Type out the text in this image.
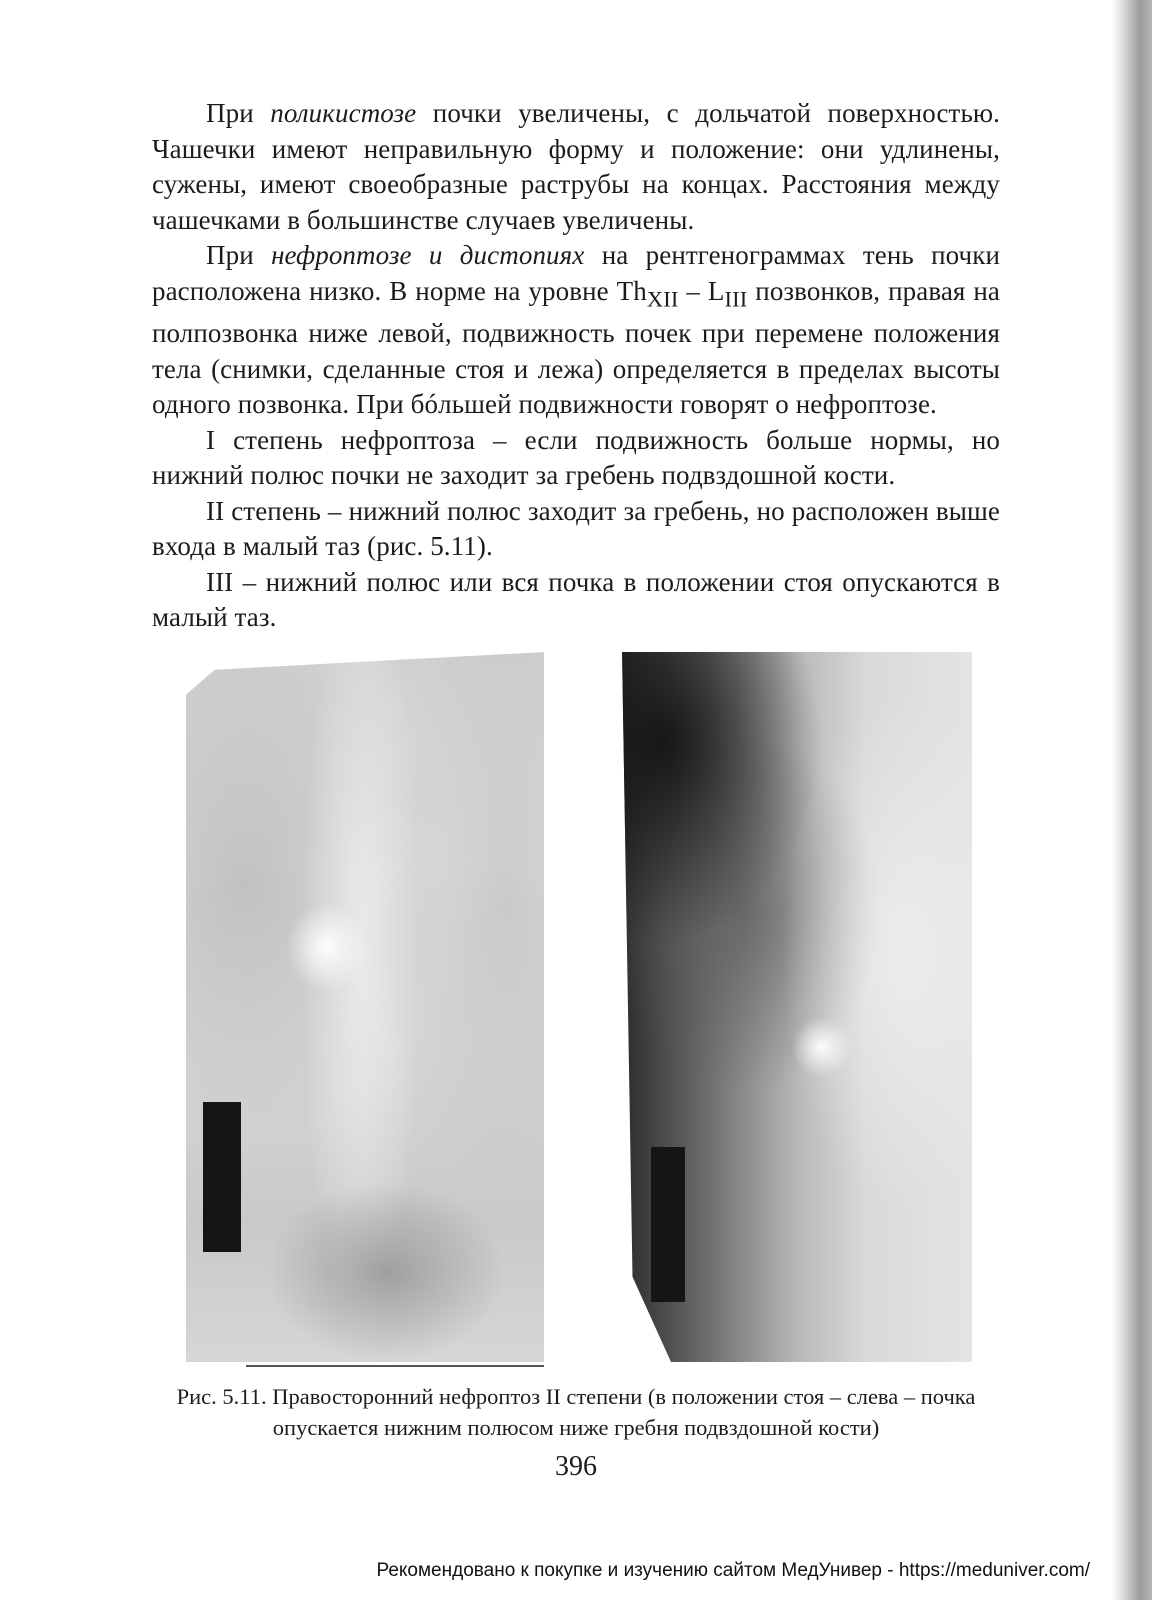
При поликистозе почки увеличены, с дольчатой поверхностью. Чашечки имеют неправильную форму и положение: они удлинены, сужены, имеют своеобразные раструбы на концах. Расстояния между чашечками в большинстве случаев увеличены.

При нефроптозе и дистопиях на рентгенограммах тень почки расположена низко. В норме на уровне $Th_{XII} - L_{III}$ позвонков, правая на полпозвонка ниже левой, подвижность почек при перемене положения тела (снимки, сделанные стоя и лежа) определяется в пределах высоты одного позвонка. При бóльшей подвижности говорят о нефроптозе.

I степень нефроптоза – если подвижность больше нормы, но нижний полюс почки не заходит за гребень подвздошной кости.

II степень – нижний полюс заходит за гребень, но расположен выше входа в малый таз (рис. 5.11).

III – нижний полюс или вся почка в положении стоя опускаются в малый таз.

Рис. 5.11. Правосторонний нефроптоз II степени (в положении стоя – слева – почка опускается нижним полюсом ниже гребня подвздошной кости)
396
Рекомендовано к покупке и изучению сайтом МедУнивер - https://meduniver.com/
